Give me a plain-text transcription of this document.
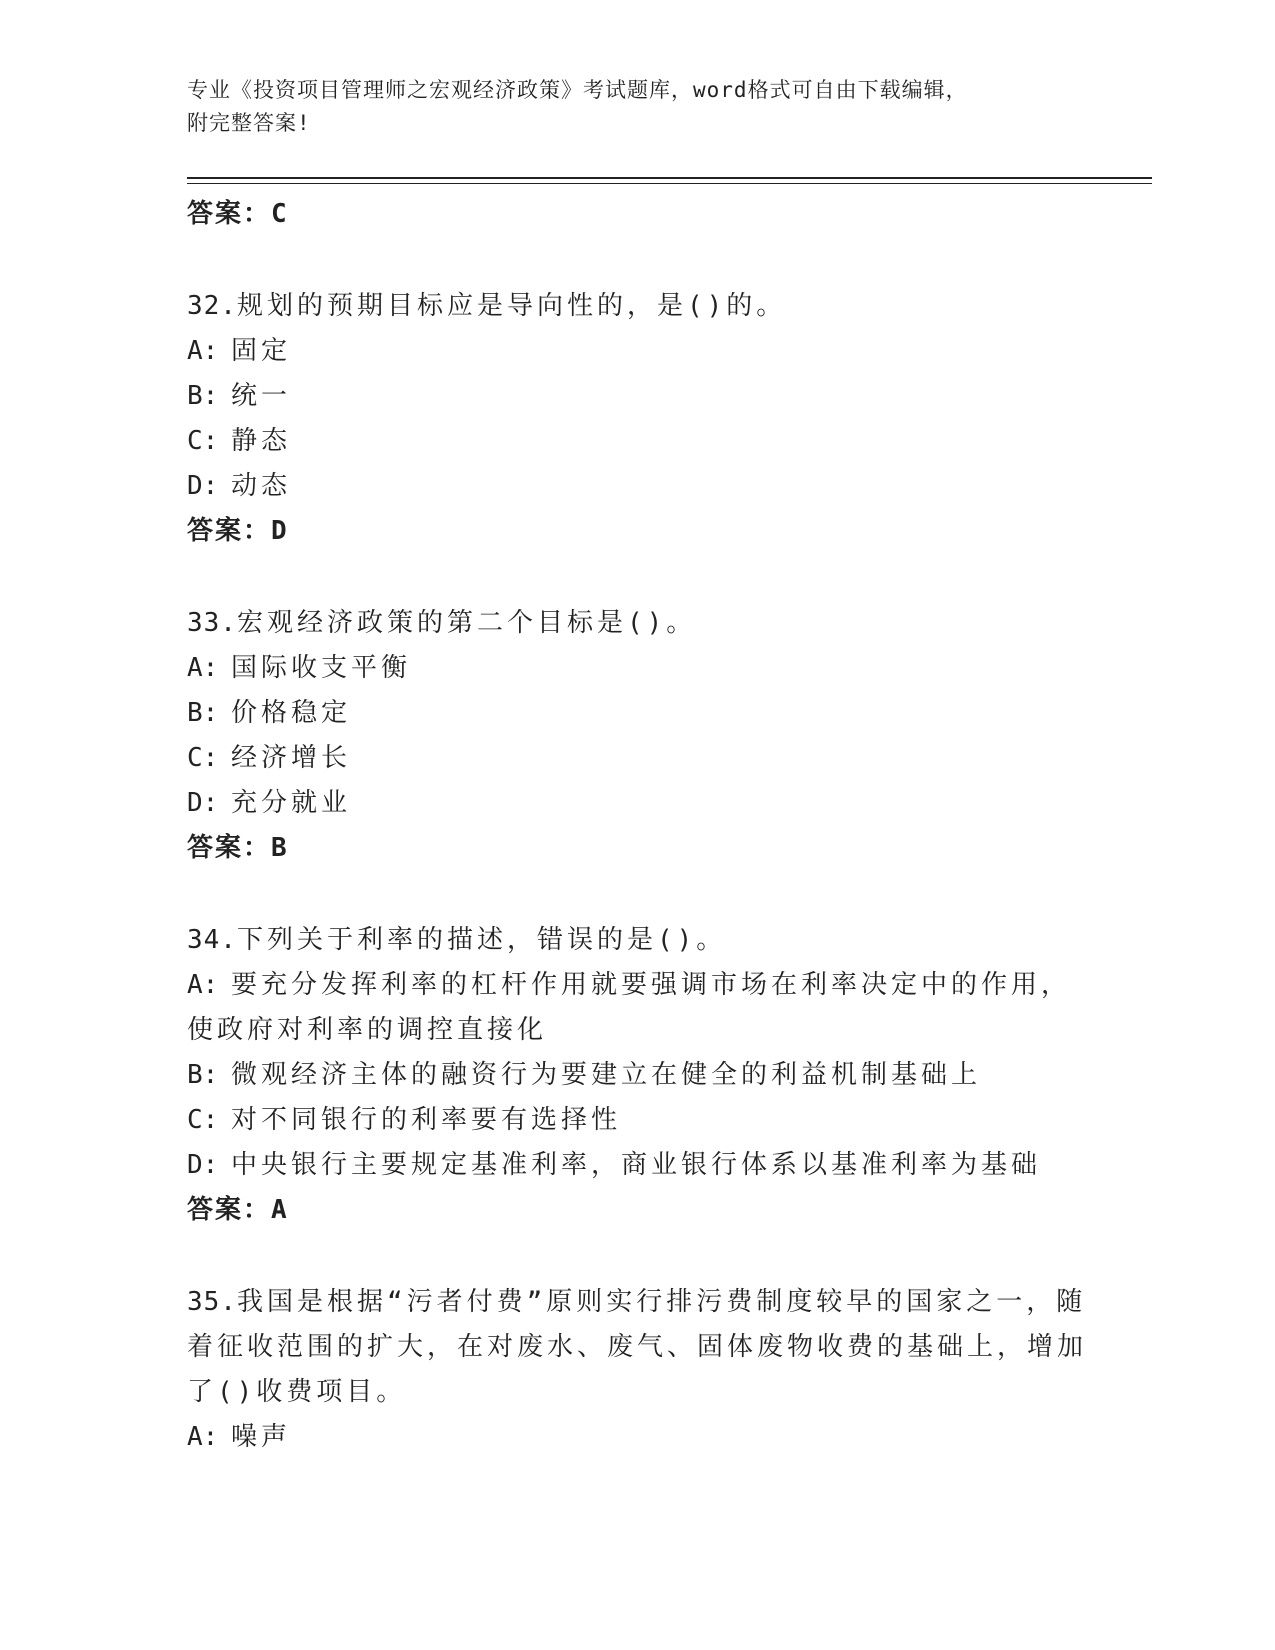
专业《投资项目管理师之宏观经济政策》考试题库，word格式可自由下载编辑，
附完整答案!
答案：C
32.规划的预期目标应是导向性的，是()的。
A: 固定
B: 统一
C: 静态
D: 动态
答案：D
33.宏观经济政策的第二个目标是()。
A: 国际收支平衡
B: 价格稳定
C: 经济增长
D: 充分就业
答案：B
34.下列关于利率的描述，错误的是()。
A: 要充分发挥利率的杠杆作用就要强调市场在利率决定中的作用，使政府对利率的调控直接化
B: 微观经济主体的融资行为要建立在健全的利益机制基础上
C: 对不同银行的利率要有选择性
D: 中央银行主要规定基准利率，商业银行体系以基准利率为基础
答案：A
35.我国是根据“污者付费”原则实行排污费制度较早的国家之一，随着征收范围的扩大，在对废水、废气、固体废物收费的基础上，增加了()收费项目。
A: 噪声
